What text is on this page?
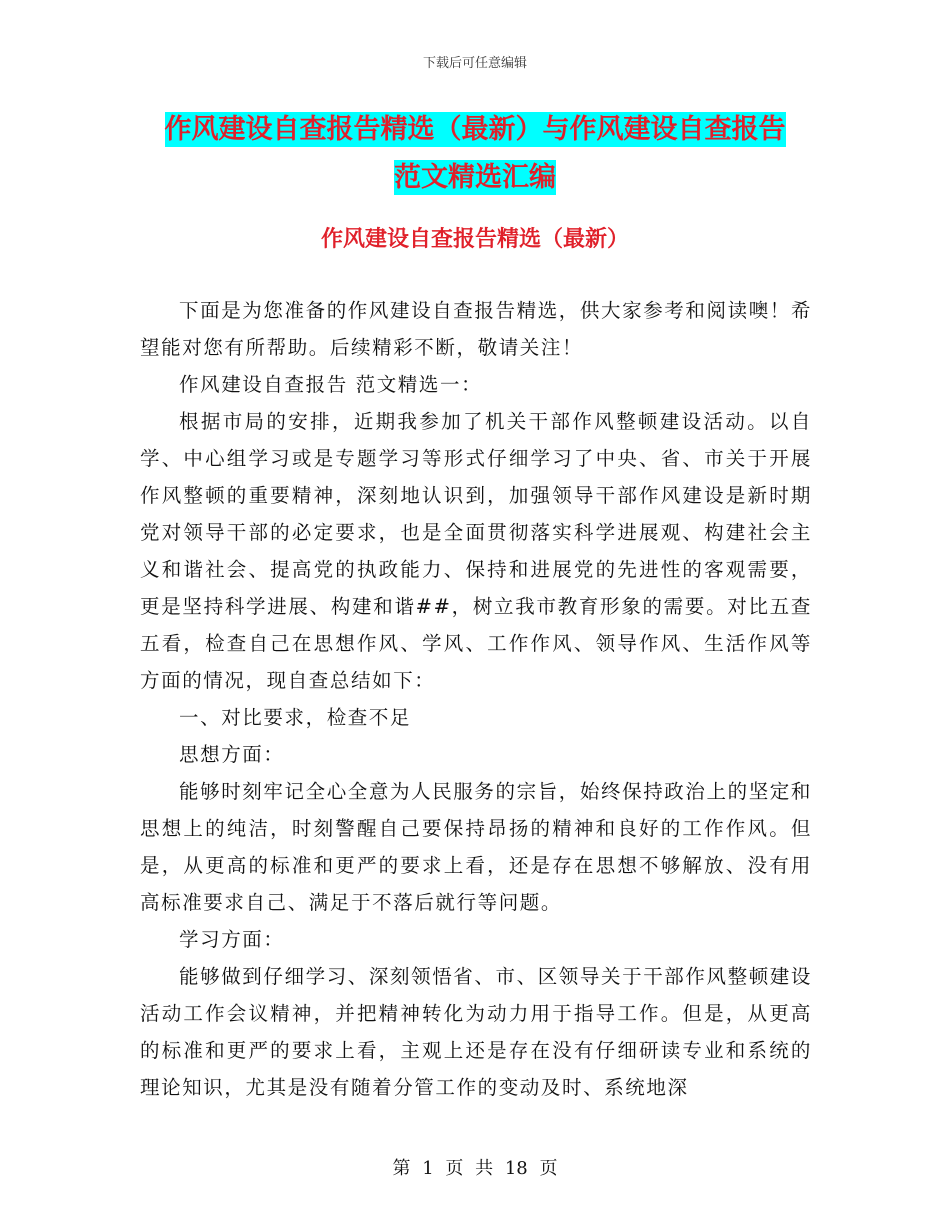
下载后可任意编辑
作风建设自查报告精选（最新）与作风建设自查报告
范文精选汇编
作风建设自查报告精选（最新）

下面是为您准备的作风建设自查报告精选，供大家参考和阅读噢！希望能对您有所帮助。后续精彩不断，敬请关注！

作风建设自查报告 范文精选一：

根据市局的安排，近期我参加了机关干部作风整顿建设活动。以自学、中心组学习或是专题学习等形式仔细学习了中央、省、市关于开展作风整顿的重要精神，深刻地认识到，加强领导干部作风建设是新时期党对领导干部的必定要求，也是全面贯彻落实科学进展观、构建社会主义和谐社会、提高党的执政能力、保持和进展党的先进性的客观需要，更是坚持科学进展、构建和谐##，树立我市教育形象的需要。对比五查五看，检查自己在思想作风、学风、工作作风、领导作风、生活作风等方面的情况，现自查总结如下：

一、对比要求，检查不足

思想方面：

能够时刻牢记全心全意为人民服务的宗旨，始终保持政治上的坚定和思想上的纯洁，时刻警醒自己要保持昂扬的精神和良好的工作作风。但是，从更高的标准和更严的要求上看，还是存在思想不够解放、没有用高标准要求自己、满足于不落后就行等问题。

学习方面：

能够做到仔细学习、深刻领悟省、市、区领导关于干部作风整顿建设活动工作会议精神，并把精神转化为动力用于指导工作。但是，从更高的标准和更严的要求上看，主观上还是存在没有仔细研读专业和系统的理论知识，尤其是没有随着分管工作的变动及时、系统地深

第 1 页 共 18 页
